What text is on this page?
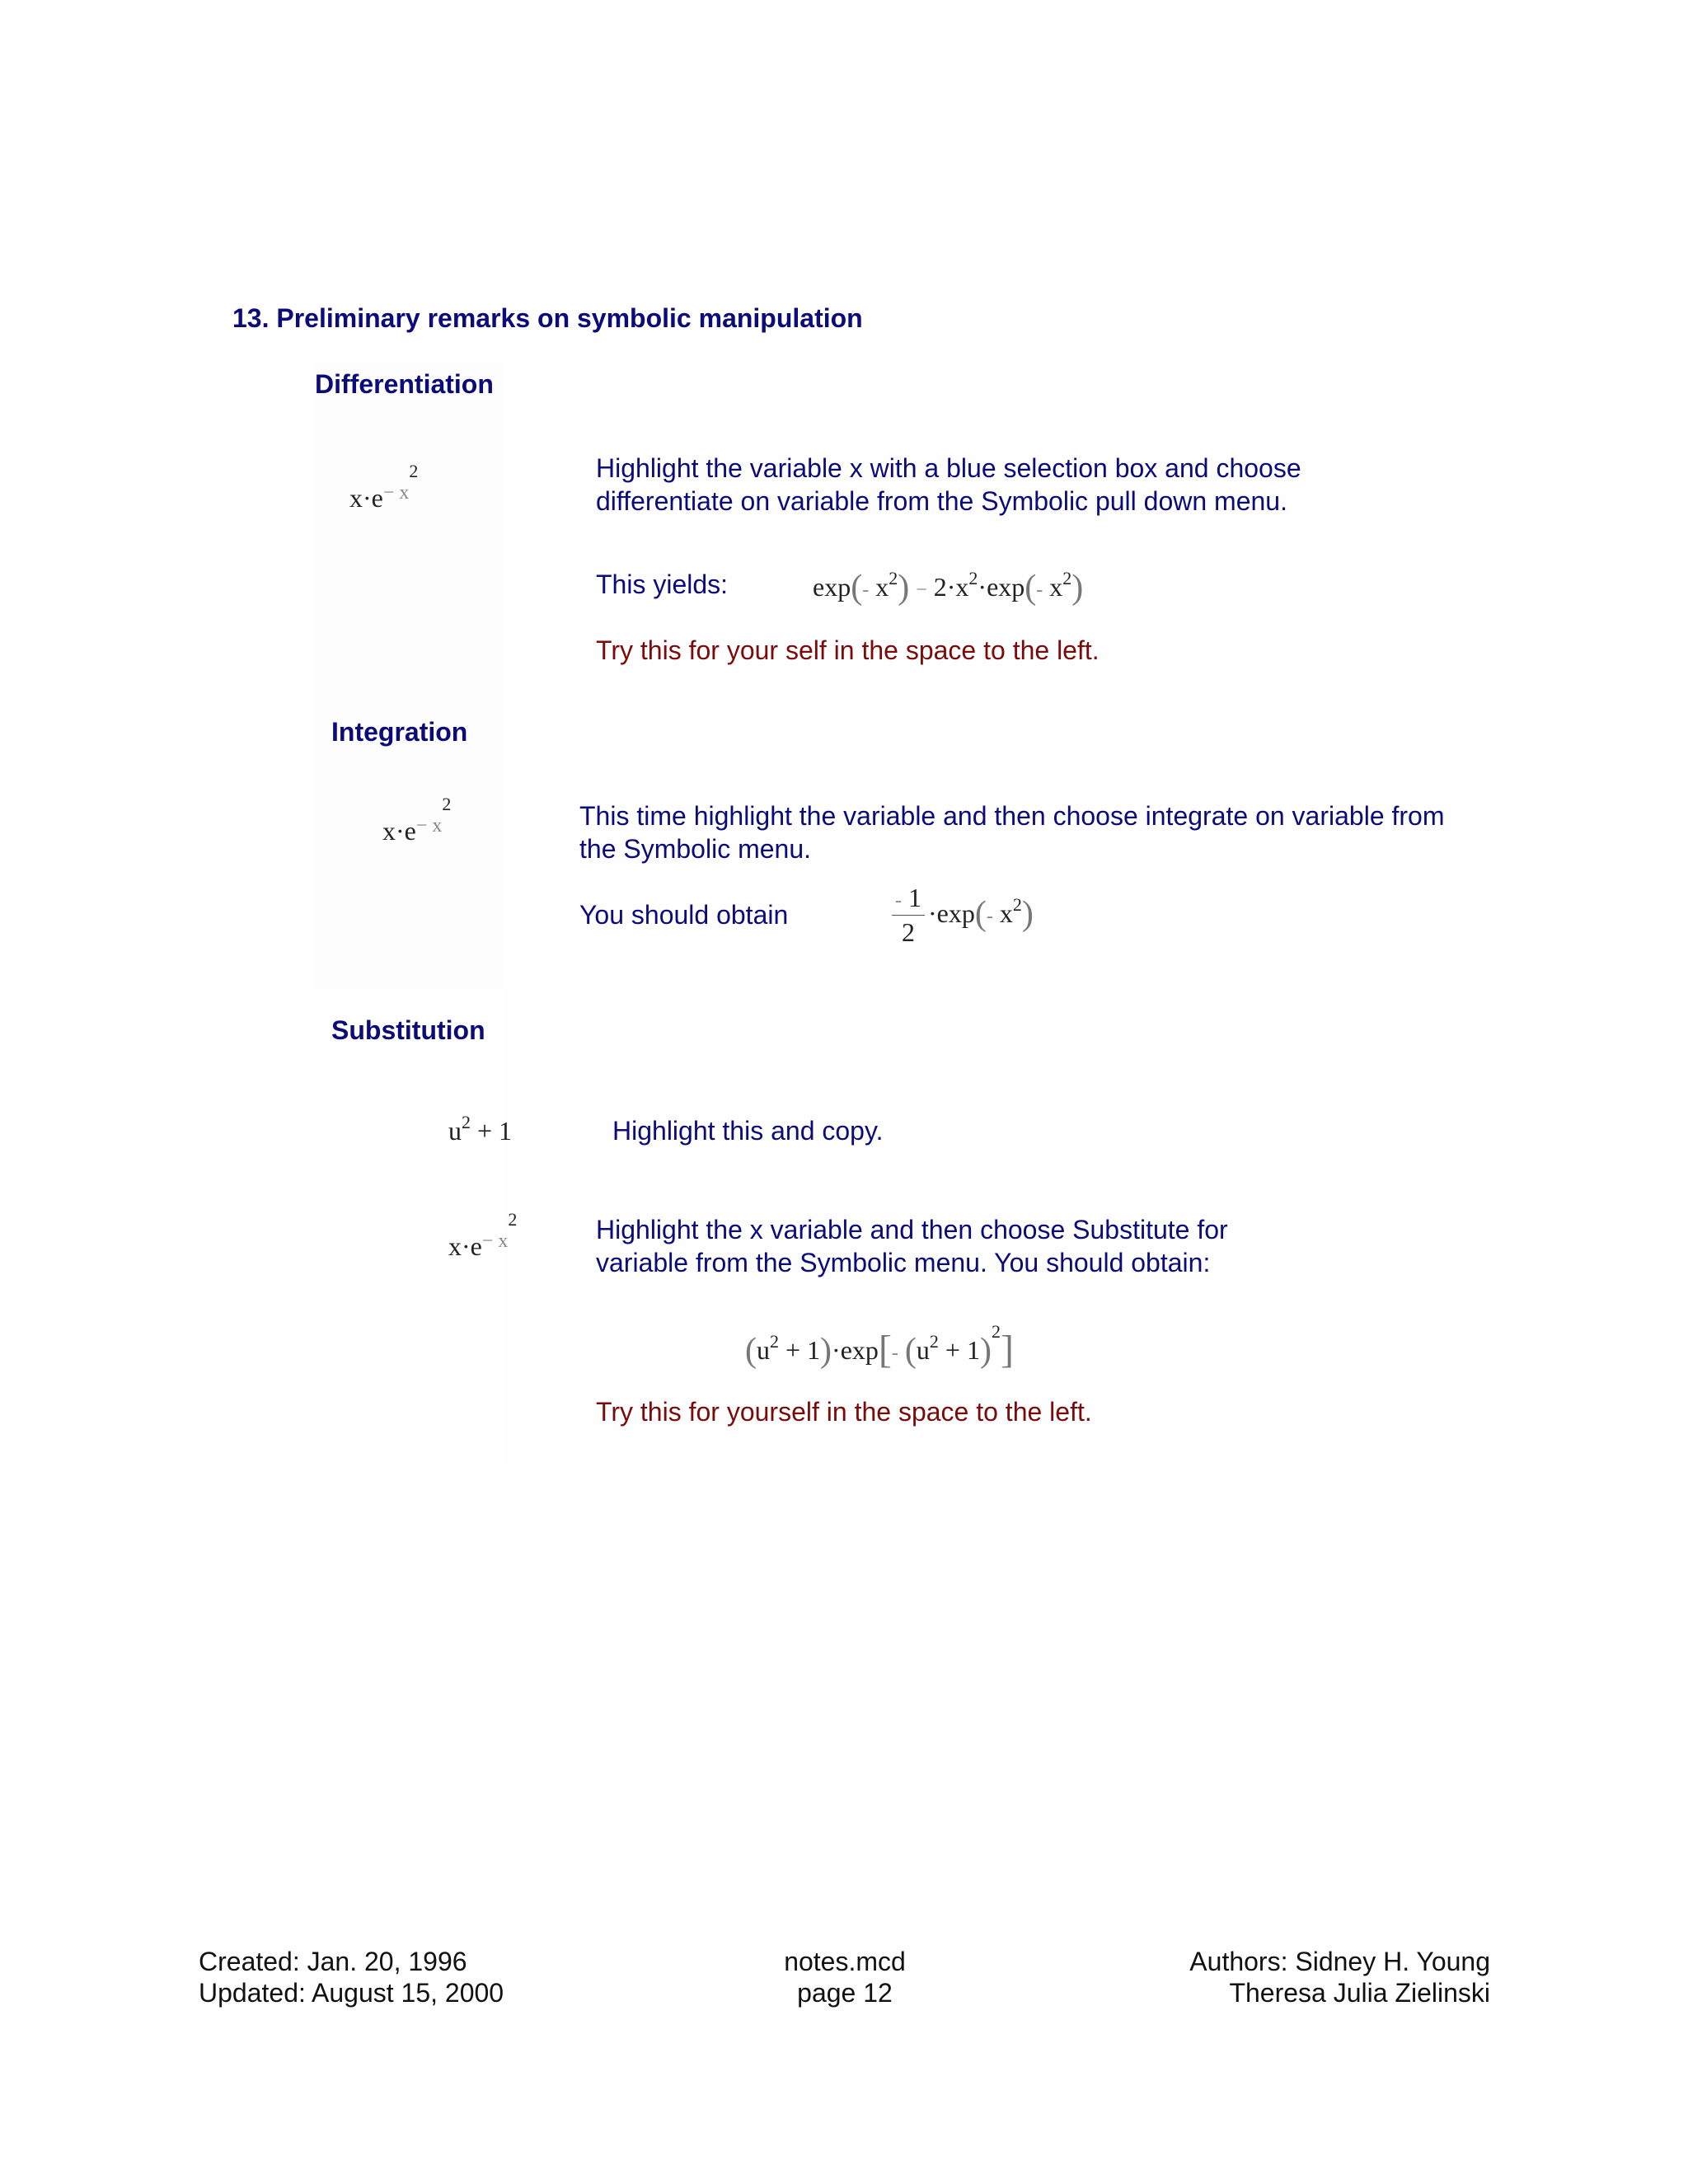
13. Preliminary remarks on symbolic manipulation
Differentiation
$x\cdot e^{- x2}$	Highlight the variable x with a blue selection box and choose
differentiate on variable from the Symbolic pull down menu.
This yields:	exp(- $x^2) - 2\cdot x^2\cdot\exp(-$ $x^2$)
Try this for your self in the space to the left.
Integration
$x\cdot e^{- x2}$	This time highlight the variable and then choose integrate on variable from
the Symbolic menu.
You should obtain	$\frac{- 1}{2} \cdot\exp(-$ $x^2$)
Substitution
$u^2 + 1$	Highlight this and copy.
$x\cdot e^{- x2}$	Highlight the x variable and then choose Substitute for
variable from the Symbolic menu. You should obtain:
$(u^2 + 1)\cdot\exp[-$ $(u^2 + 1)^2$]
Try this for yourself in the space to the left.
Created: Jan. 20, 1996
Updated: August 15, 2000
notes.mcd
page 12
Authors: Sidney H. Young
Theresa Julia Zielinski
